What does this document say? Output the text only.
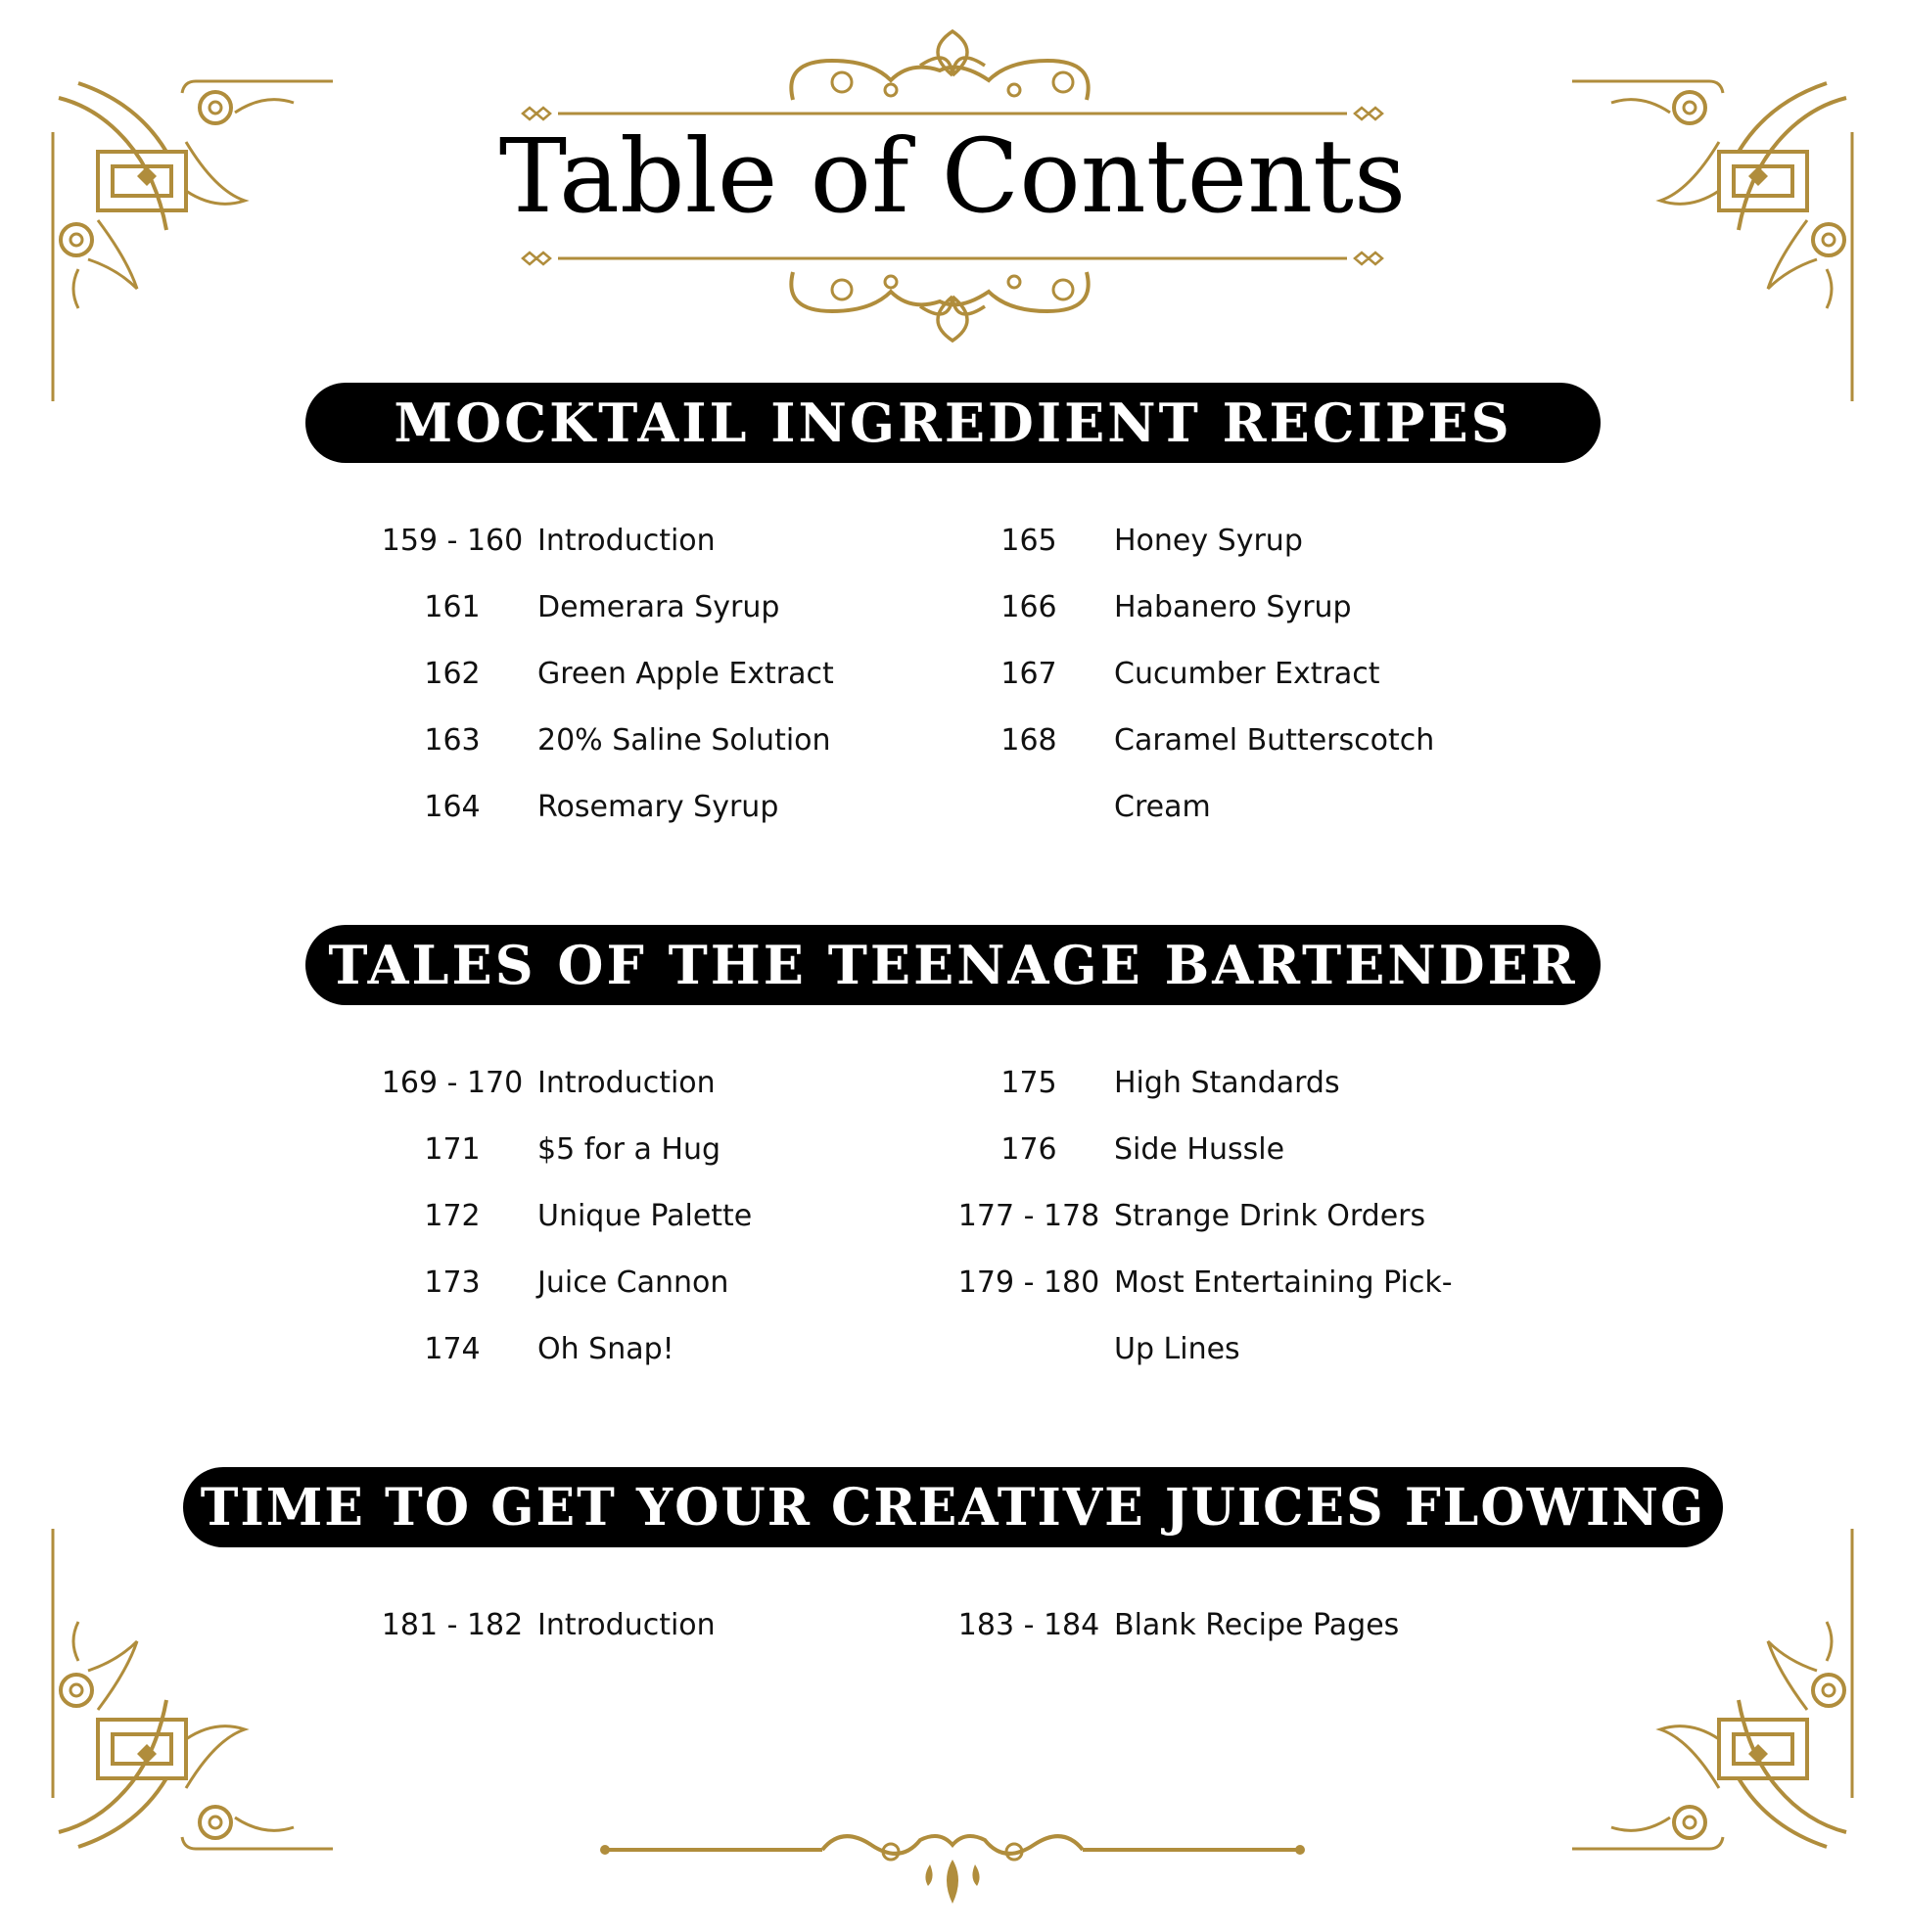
Table of Contents
MOCKTAIL INGREDIENT RECIPES
159 - 160 Introduction
161	Demerara Syrup
162	Green Apple Extract
163	20% Saline Solution
164	Rosemary Syrup
165	Honey Syrup
166	Habanero Syrup
167	Cucumber Extract
168	Caramel Butterscotch
Cream
TALES OF THE TEENAGE BARTENDER
169 - 170 Introduction
171	$5 for a Hug
172	Unique Palette
173	Juice Cannon
174	Oh Snap!
175	High Standards
176	Side Hussle
177 - 178 Strange Drink Orders
179 - 180 Most Entertaining Pick-
Up Lines
TIME TO GET YOUR CREATIVE JUICES FLOWING
181 - 182 Introduction	183 - 184 Blank Recipe Pages
